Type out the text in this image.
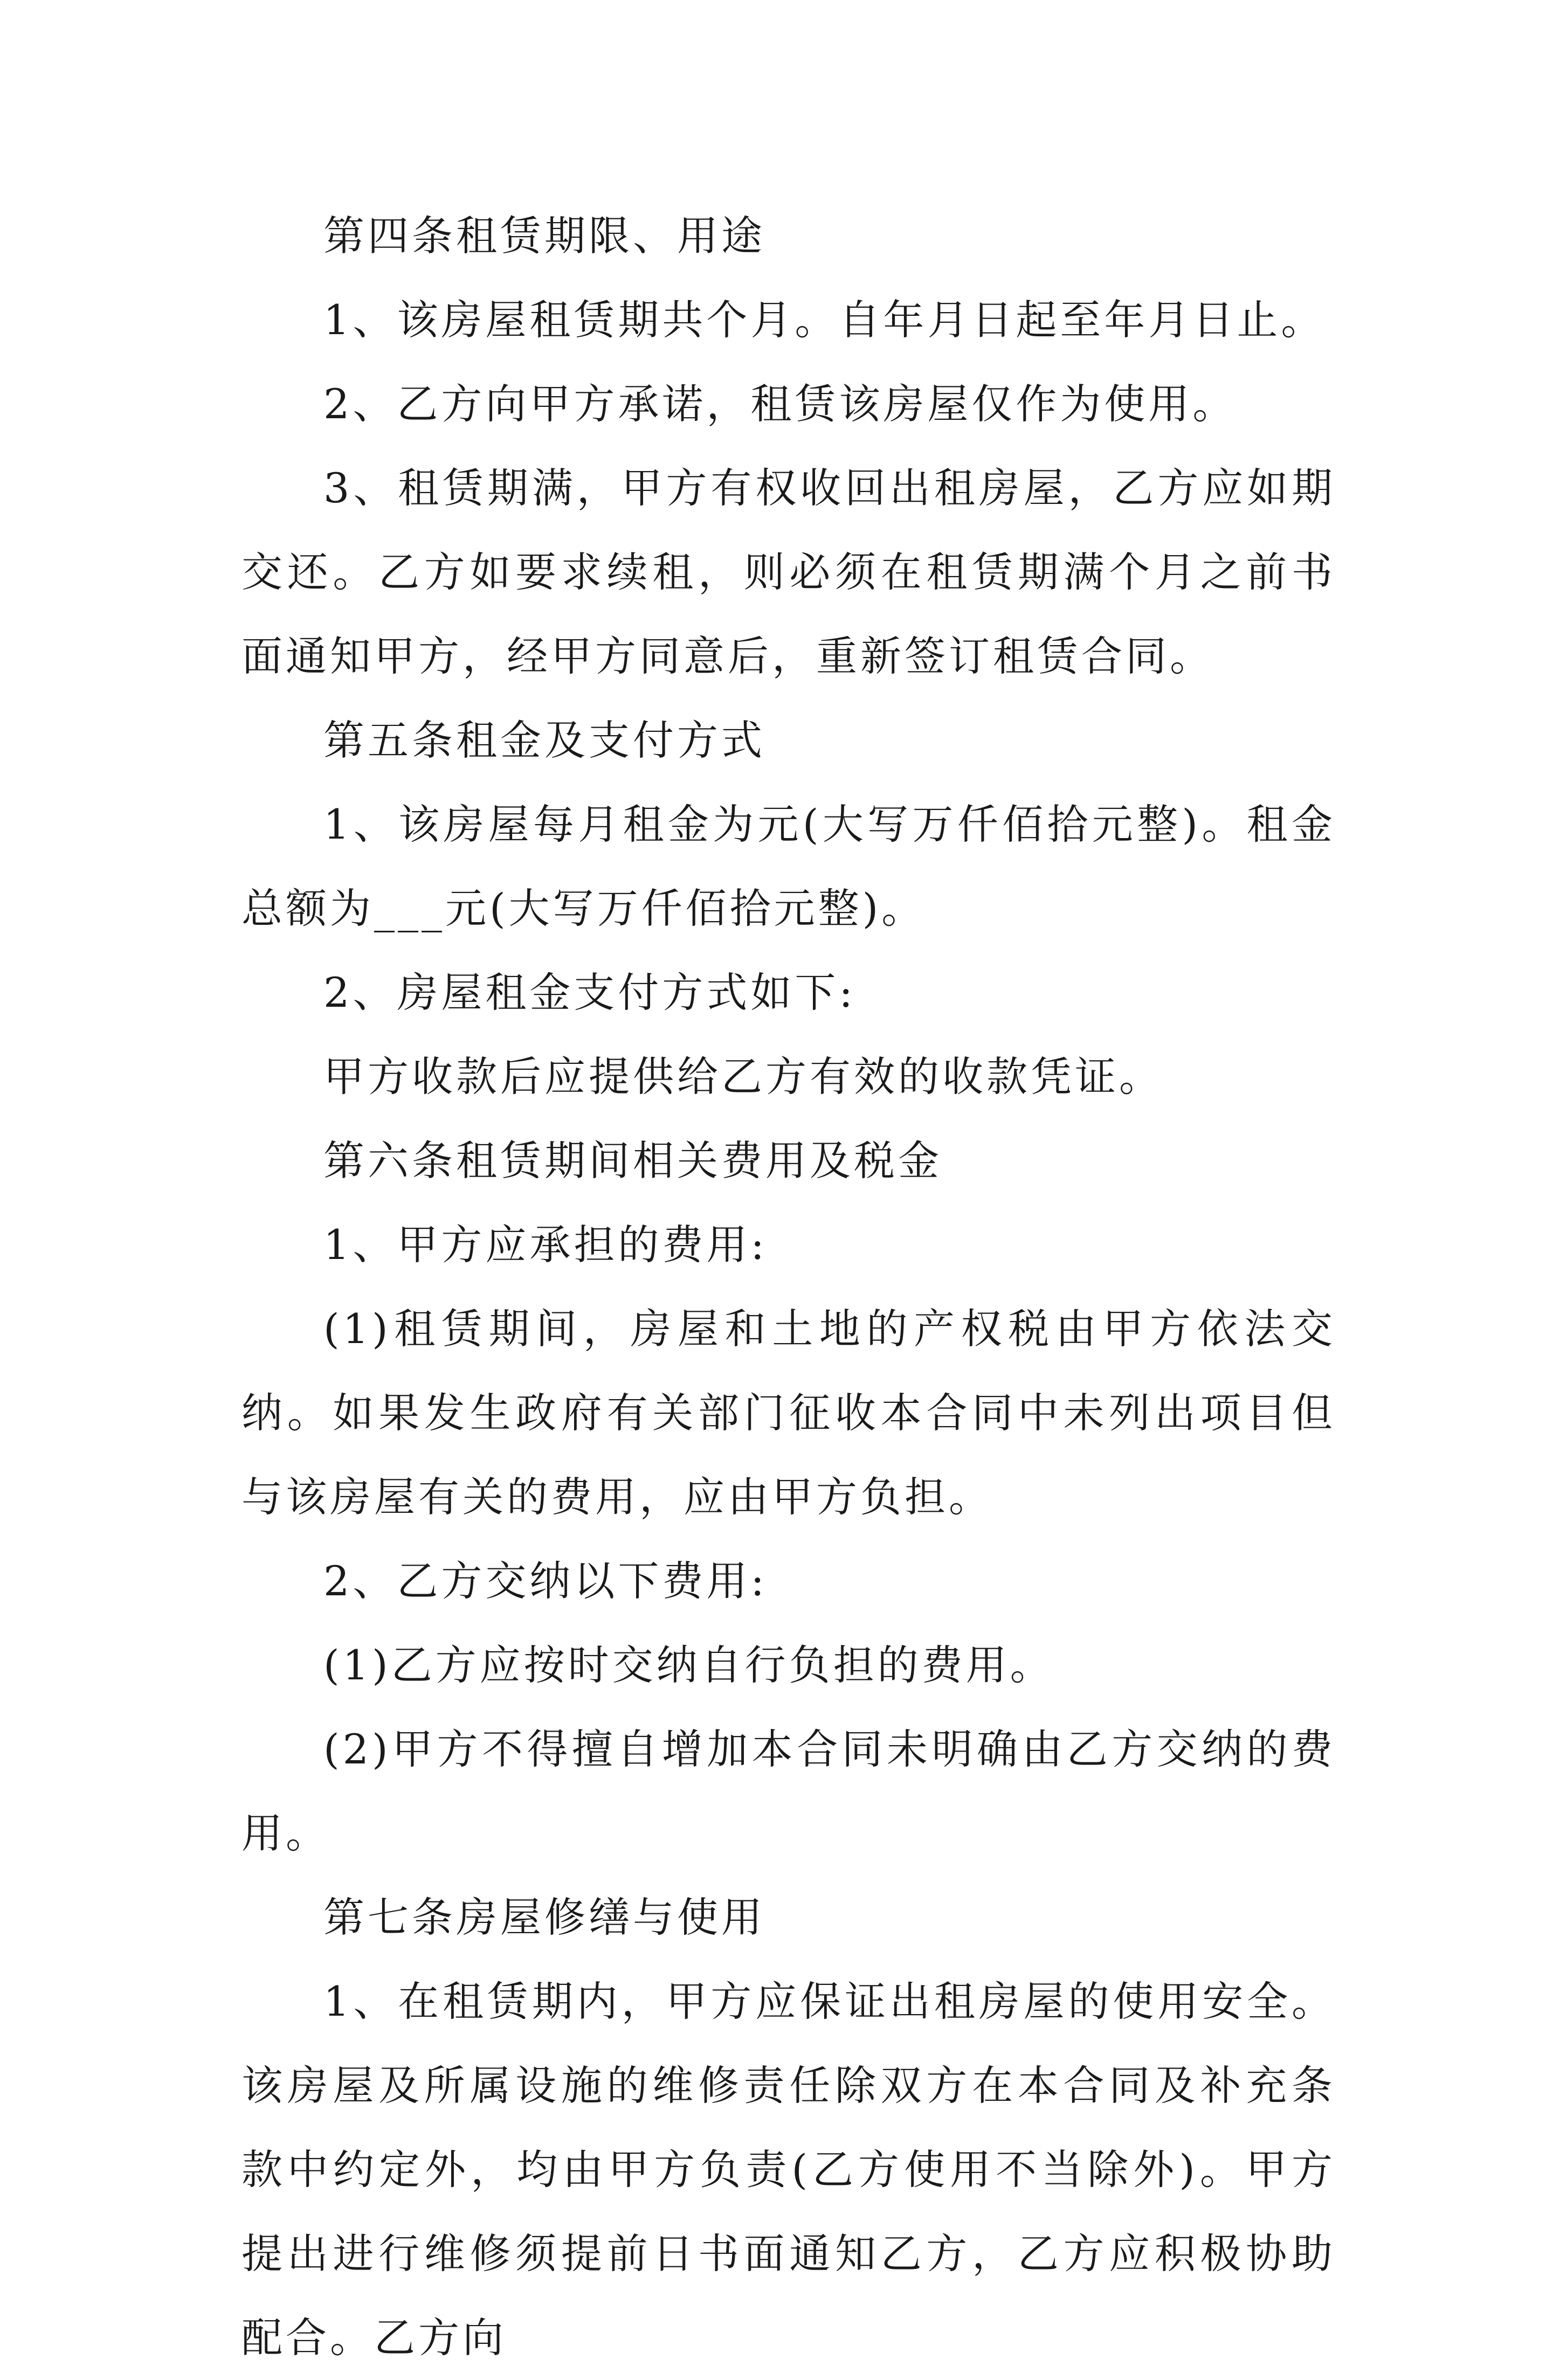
第四条租赁期限、用途

1、该房屋租赁期共个月。自年月日起至年月日止。

2、乙方向甲方承诺，租赁该房屋仅作为使用。

3、租赁期满，甲方有权收回出租房屋，乙方应如期交还。乙方如要求续租，则必须在租赁期满个月之前书面通知甲方，经甲方同意后，重新签订租赁合同。

第五条租金及支付方式

1、该房屋每月租金为元(大写万仟佰拾元整)。租金总额为___元(大写万仟佰拾元整)。

2、房屋租金支付方式如下:

甲方收款后应提供给乙方有效的收款凭证。

第六条租赁期间相关费用及税金

1、甲方应承担的费用:

(1)租赁期间，房屋和土地的产权税由甲方依法交纳。如果发生政府有关部门征收本合同中未列出项目但与该房屋有关的费用，应由甲方负担。

2、乙方交纳以下费用:

(1)乙方应按时交纳自行负担的费用。

(2)甲方不得擅自增加本合同未明确由乙方交纳的费用。

第七条房屋修缮与使用

1、在租赁期内，甲方应保证出租房屋的使用安全。该房屋及所属设施的维修责任除双方在本合同及补充条款中约定外，均由甲方负责(乙方使用不当除外)。甲方提出进行维修须提前日书面通知乙方，乙方应积极协助配合。乙方向
